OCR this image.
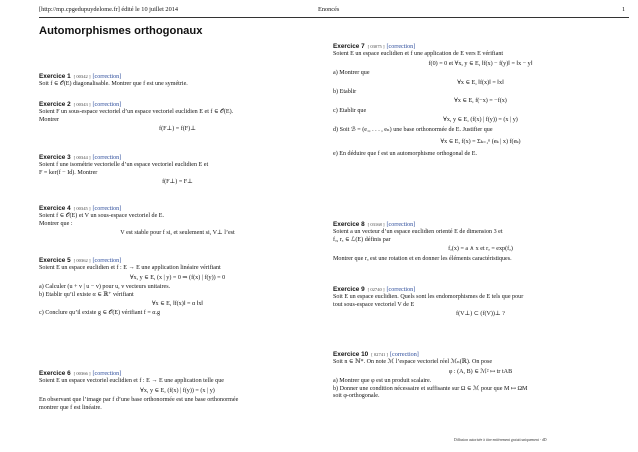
[http://mp.cpgedupuydelome.fr] édité le 10 juillet 2014	Enoncés	1
Automorphismes orthogonaux
Exercice 1 [ 00342 ] [correction]
Soit f ∈ 𝒪(E) diagonalisable. Montrer que f est une symétrie.
Exercice 2 [ 00343 ] [correction]
Soient F un sous-espace vectoriel d’un espace vectoriel euclidien E et f ∈ 𝒪(E).
Montrer
f(F⊥) = f(F)⊥
Exercice 3 [ 00344 ] [correction]
Soient f une isométrie vectorielle d’un espace vectoriel euclidien E et
F = ker(f − Id). Montrer
f(F⊥) = F⊥
Exercice 4 [ 00345 ] [correction]
Soient f ∈ 𝒪(E) et V un sous-espace vectoriel de E.
Montrer que :
V est stable pour f si, et seulement si, V⊥ l’est
Exercice 5 [ 00362 ] [correction]
Soient E un espace euclidien et f : E → E une application linéaire vérifiant
∀x, y ∈ E, (x | y) = 0 ⇒ (f(x) | f(y)) = 0
a) Calculer (u + v | u − v) pour u, v vecteurs unitaires.
b) Etablir qu’il existe α ∈ ℝ⁺ vérifiant
∀x ∈ E, ‖f(x)‖ = α ‖x‖
c) Conclure qu’il existe g ∈ 𝒪(E) vérifiant f = α.g
Exercice 6 [ 00366 ] [correction]
Soient E un espace vectoriel euclidien et f : E → E une application telle que
∀x, y ∈ E, (f(x) | f(y)) = (x | y)
En observant que l’image par f d’une base orthonormée est une base orthonormée
montrer que f est linéaire.
Exercice 7 [ 03075 ] [correction]
Soient E un espace euclidien et f une application de E vers E vérifiant
f(0) = 0 et ∀x, y ∈ E, ‖f(x) − f(y)‖ = ‖x − y‖
a) Montrer que
∀x ∈ E, ‖f(x)‖ = ‖x‖
b) Etablir
∀x ∈ E, f(−x) = −f(x)
c) Etablir que
∀x, y ∈ E, (f(x) | f(y)) = (x | y)
d) Soit ℬ = (e₁, . . . , eₙ) une base orthonormée de E. Justifier que
∀x ∈ E, f(x) = Σₖ₌₁ⁿ (eₖ | x) f(eₖ)
e) En déduire que f est un automorphisme orthogonal de E.
Exercice 8 [ 03168 ] [correction]
Soient a un vecteur d’un espace euclidien orienté E de dimension 3 et
fₐ, rₐ ∈ ℒ(E) définis par
fₐ(x) = a ∧ x et rₐ = exp(fₐ)
Montrer que rₐ est une rotation et en donner les éléments caractéristiques.
Exercice 9 [ 02740 ] [correction]
Soit E un espace euclidien. Quels sont les endomorphismes de E tels que pour
tout sous-espace vectoriel V de E
f(V⊥) ⊂ (f(V))⊥ ?
Exercice 10 [ 02741 ] [correction]
Soit n ∈ ℕ*. On note ℳ l’espace vectoriel réel ℳₙ(ℝ). On pose
φ : (A, B) ∈ ℳ² ↦ tr tAB
a) Montrer que φ est un produit scalaire.
b) Donner une condition nécessaire et suffisante sur Ω ∈ ℳ pour que M ↦ ΩM
soit φ-orthogonale.
Diffusion autorisée à titre entièrement gratuit uniquement - dD
